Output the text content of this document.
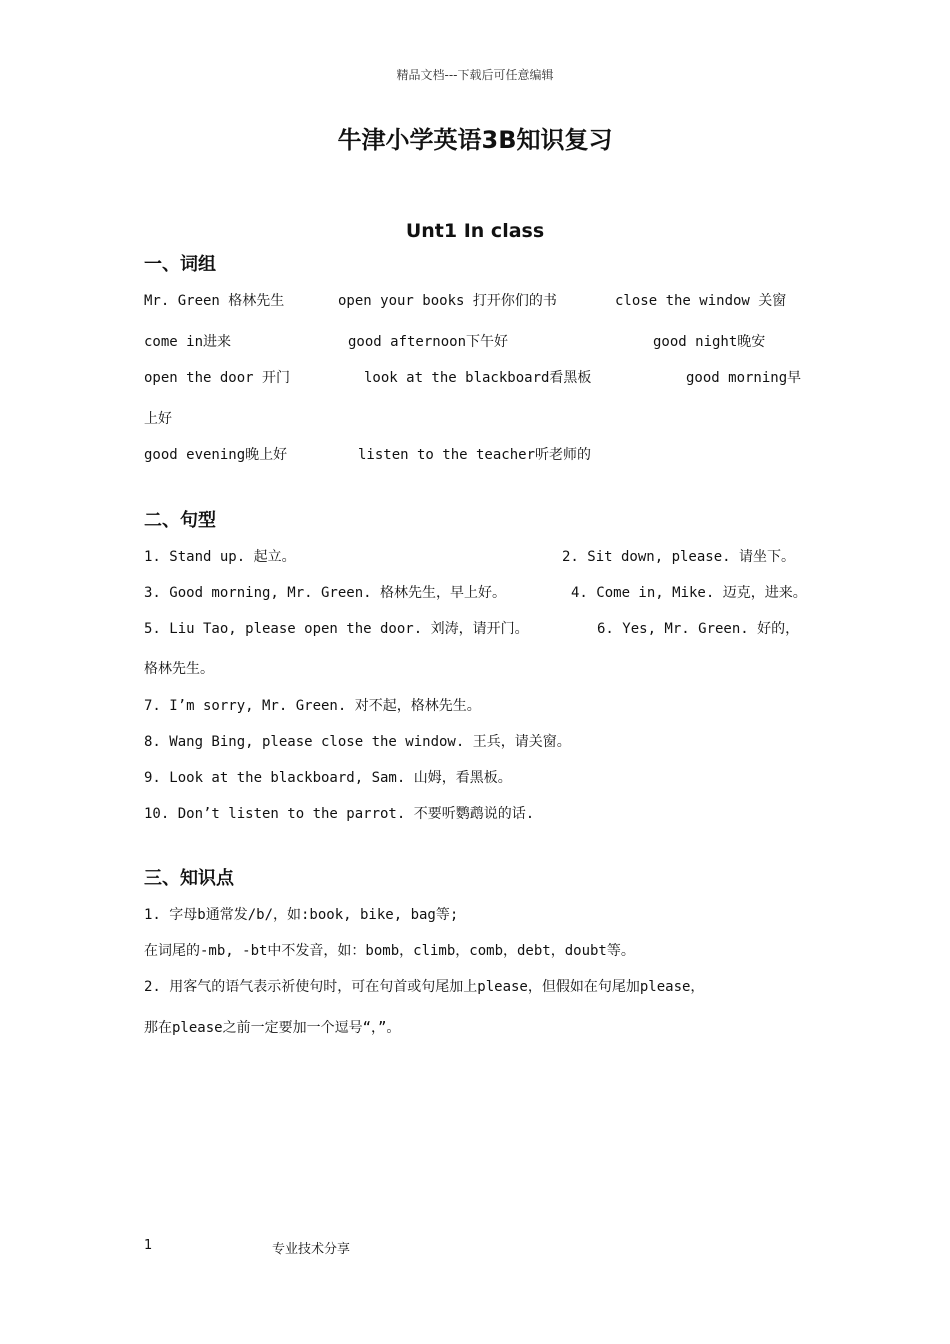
精品文档---下载后可任意编辑
牛津小学英语3B知识复习
Unt1 In class
一、词组
Mr. Green 格林先生	open your books 打开你们的书	close the window 关窗
come in进来	good afternoon下午好	good night晚安
open the door 开门	look at the blackboard看黑板	good morning早
上好
good evening晚上好	listen to the teacher听老师的
二、句型
1. Stand up. 起立。	2. Sit down, please. 请坐下。
3. Good morning, Mr. Green. 格林先生，早上好。	4. Come in, Mike. 迈克，进来。
5. Liu Tao, please open the door. 刘涛，请开门。	6. Yes, Mr. Green. 好的，
格林先生。
7. I’m sorry, Mr. Green. 对不起，格林先生。
8. Wang Bing, please close the window. 王兵，请关窗。
9. Look at the blackboard, Sam. 山姆，看黑板。
10. Don’t listen to the parrot. 不要听鹦鹉说的话.
三、知识点
1. 字母b通常发/b/，如:book, bike, bag等;
在词尾的-mb, -bt中不发音，如：bomb，climb，comb，debt，doubt等。
2. 用客气的语气表示祈使句时，可在句首或句尾加上please，但假如在句尾加please，
那在please之前一定要加一个逗号“，”。
1	专业技术分享
